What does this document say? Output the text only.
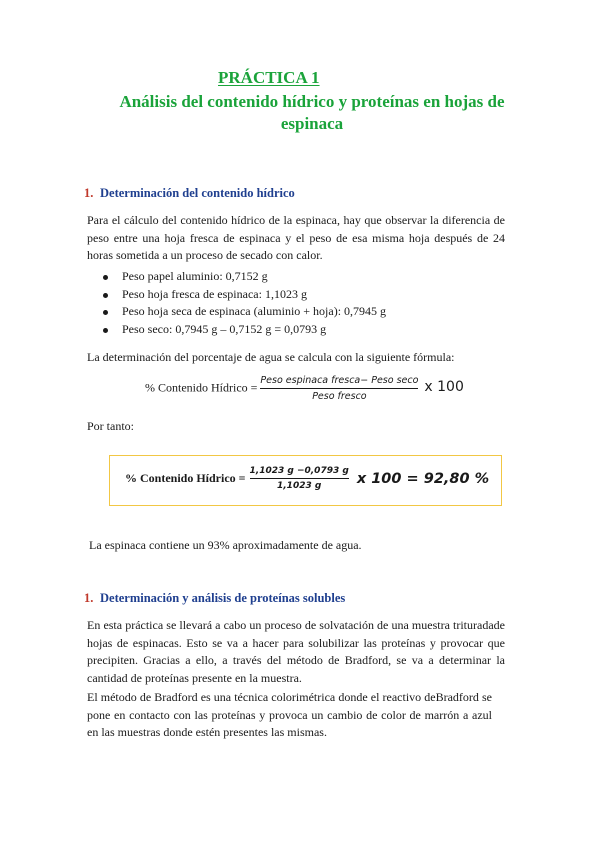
PRÁCTICA 1
Análisis del contenido hídrico y proteínas en hojas de espinaca
1. Determinación del contenido hídrico
Para el cálculo del contenido hídrico de la espinaca, hay que observar la diferencia de peso entre una hoja fresca de espinaca y el peso de esa misma hoja después de 24 horas sometida a un proceso de secado con calor.
Peso papel aluminio: 0,7152 g
Peso hoja fresca de espinaca: 1,1023 g
Peso hoja seca de espinaca (aluminio + hoja): 0,7945 g
Peso seco: 0,7945 g – 0,7152 g = 0,0793 g
La determinación del porcentaje de agua se calcula con la siguiente fórmula:
% Contenido Hídrico = $\frac{\text{Peso espinaca fresca− Peso seco}}{\text{Peso fresco}}$ x 100
Por tanto:
% Contenido Hídrico = $\frac{1,1023 g -0,0793 g}{1,1023 g}$ x 100 = 92,80 %
La espinaca contiene un 93% aproximadamente de agua.
1. Determinación y análisis de proteínas solubles
En esta práctica se llevará a cabo un proceso de solvatación de una muestra trituradade hojas de espinacas. Esto se va a hacer para solubilizar las proteínas y provocar que precipiten. Gracias a ello, a través del método de Bradford, se va a determinar la cantidad de proteínas presente en la muestra.
El método de Bradford es una técnica colorimétrica donde el reactivo deBradford se pone en contacto con las proteínas y provoca un cambio de color de marrón a azul en las muestras donde estén presentes las mismas.
